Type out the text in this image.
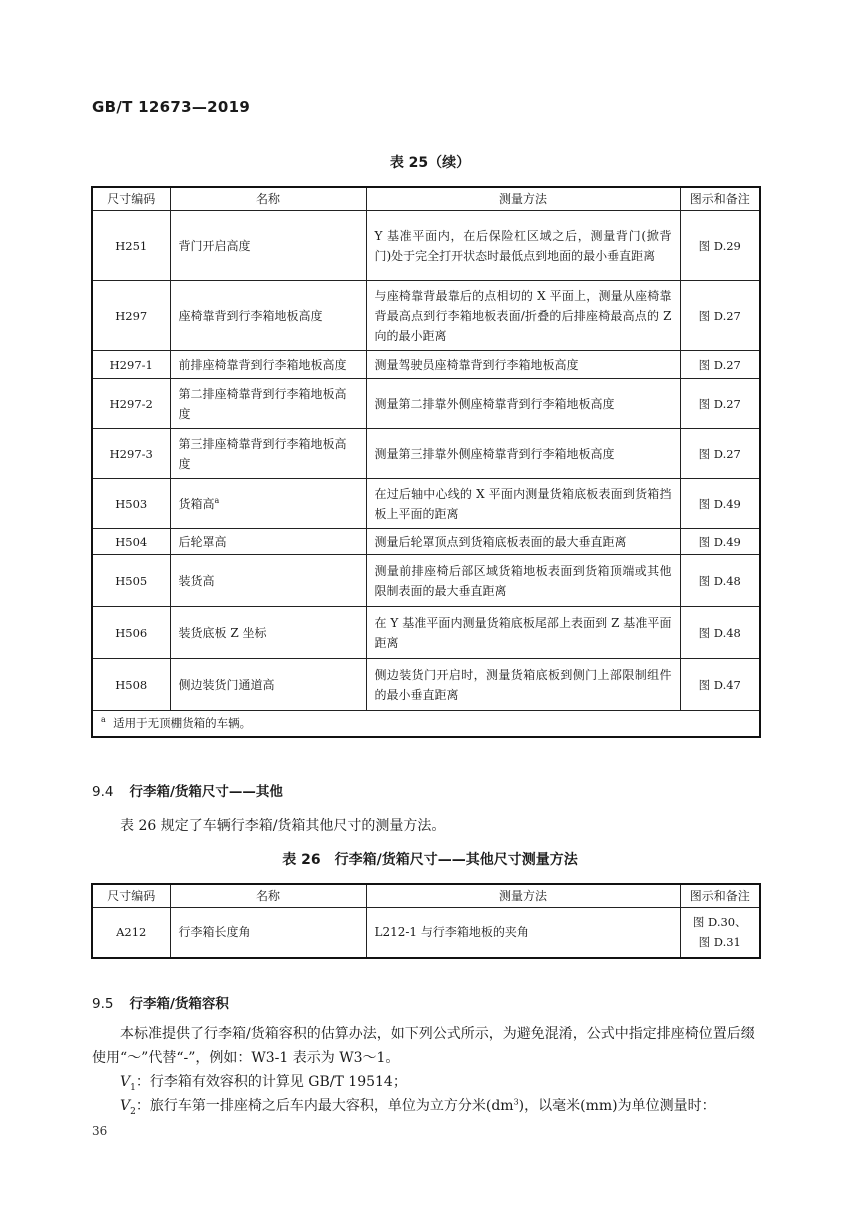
GB/T 12673—2019
表 25（续）
尺寸编码	名称	测量方法	图示和备注
H251	背门开启高度	Y 基准平面内，在后保险杠区域之后，测量背门(掀背门)处于完全打开状态时最低点到地面的最小垂直距离	图 D.29
H297	座椅靠背到行李箱地板高度	与座椅靠背最靠后的点相切的 X 平面上，测量从座椅靠背最高点到行李箱地板表面/折叠的后排座椅最高点的 Z 向的最小距离	图 D.27
H297-1	前排座椅靠背到行李箱地板高度	测量驾驶员座椅靠背到行李箱地板高度	图 D.27
H297-2	第二排座椅靠背到行李箱地板高度	测量第二排靠外侧座椅靠背到行李箱地板高度	图 D.27
H297-3	第三排座椅靠背到行李箱地板高度	测量第三排靠外侧座椅靠背到行李箱地板高度	图 D.27
H503	货箱高$^a$	在过后轴中心线的 X 平面内测量货箱底板表面到货箱挡板上平面的距离	图 D.49
H504	后轮罩高	测量后轮罩顶点到货箱底板表面的最大垂直距离	图 D.49
H505	装货高	测量前排座椅后部区域货箱地板表面到货箱顶端或其他限制表面的最大垂直距离	图 D.48
H506	装货底板 Z 坐标	在 Y 基准平面内测量货箱底板尾部上表面到 Z 基准平面距离	图 D.48
H508	侧边装货门通道高	侧边装货门开启时，测量货箱底板到侧门上部限制组件的最小垂直距离	图 D.47
$^a$ 适用于无顶棚货箱的车辆。			
9.4 行李箱/货箱尺寸——其他
表 26 规定了车辆行李箱/货箱其他尺寸的测量方法。
表 26　行李箱/货箱尺寸——其他尺寸测量方法
尺寸编码	名称	测量方法	图示和备注
A212	行李箱长度角	L212-1 与行李箱地板的夹角	图 D.30、
图 D.31
9.5 行李箱/货箱容积
本标准提供了行李箱/货箱容积的估算办法，如下列公式所示，为避免混淆，公式中指定排座椅位置后缀使用“～”代替“-”，例如：W3-1 表示为 W3～1。
$V_1$：行李箱有效容积的计算见 GB/T 19514；
$V_2$：旅行车第一排座椅之后车内最大容积，单位为立方分米$(dm^3)$，以毫米(mm)为单位测量时：
36
